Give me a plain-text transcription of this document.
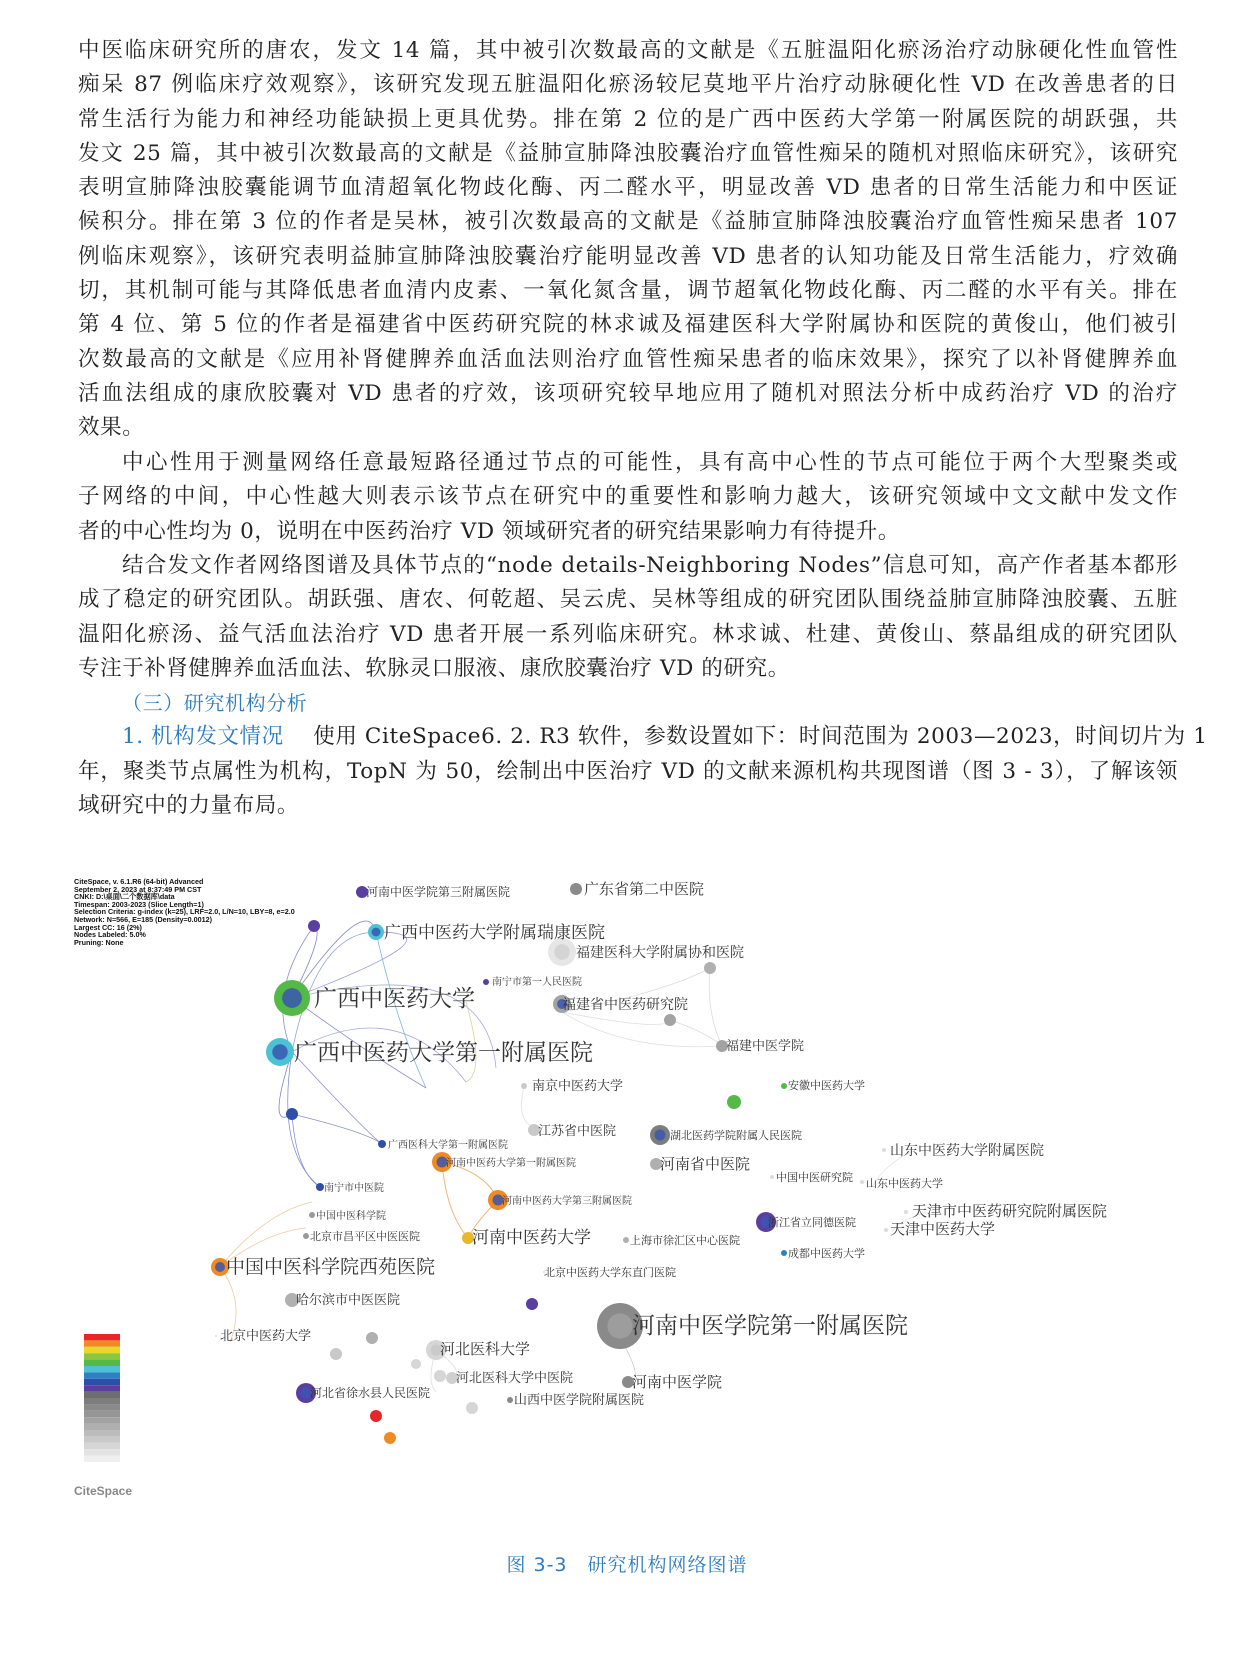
中医临床研究所的唐农，发文 14 篇，其中被引次数最高的文献是《五脏温阳化瘀汤治疗动脉硬化性血管性
痴呆 87 例临床疗效观察》，该研究发现五脏温阳化瘀汤较尼莫地平片治疗动脉硬化性 VD 在改善患者的日
常生活行为能力和神经功能缺损上更具优势。排在第 2 位的是广西中医药大学第一附属医院的胡跃强，共
发文 25 篇，其中被引次数最高的文献是《益肺宣肺降浊胶囊治疗血管性痴呆的随机对照临床研究》，该研究
表明宣肺降浊胶囊能调节血清超氧化物歧化酶、丙二醛水平，明显改善 VD 患者的日常生活能力和中医证
候积分。排在第 3 位的作者是吴林，被引次数最高的文献是《益肺宣肺降浊胶囊治疗血管性痴呆患者 107
例临床观察》，该研究表明益肺宣肺降浊胶囊治疗能明显改善 VD 患者的认知功能及日常生活能力，疗效确
切，其机制可能与其降低患者血清内皮素、一氧化氮含量，调节超氧化物歧化酶、丙二醛的水平有关。排在
第 4 位、第 5 位的作者是福建省中医药研究院的林求诚及福建医科大学附属协和医院的黄俊山，他们被引
次数最高的文献是《应用补肾健脾养血活血法则治疗血管性痴呆患者的临床效果》，探究了以补肾健脾养血
活血法组成的康欣胶囊对 VD 患者的疗效，该项研究较早地应用了随机对照法分析中成药治疗 VD 的治疗
效果。
中心性用于测量网络任意最短路径通过节点的可能性，具有高中心性的节点可能位于两个大型聚类或
子网络的中间，中心性越大则表示该节点在研究中的重要性和影响力越大，该研究领域中文文献中发文作
者的中心性均为 0，说明在中医药治疗 VD 领域研究者的研究结果影响力有待提升。
结合发文作者网络图谱及具体节点的“node details-Neighboring Nodes”信息可知，高产作者基本都形
成了稳定的研究团队。胡跃强、唐农、何乾超、吴云虎、吴林等组成的研究团队围绕益肺宣肺降浊胶囊、五脏
温阳化瘀汤、益气活血法治疗 VD 患者开展一系列临床研究。林求诚、杜建、黄俊山、蔡晶组成的研究团队
专注于补肾健脾养血活血法、软脉灵口服液、康欣胶囊治疗 VD 的研究。
（三）研究机构分析
1. 机构发文情况　 使用 CiteSpace6. 2. R3 软件，参数设置如下：时间范围为 2003—2023，时间切片为 1
年，聚类节点属性为机构，TopN 为 50，绘制出中医治疗 VD 的文献来源机构共现图谱（图 3 - 3），了解该领
域研究中的力量布局。
河南中医学院第三附属医院	广东省第二中医院
广西中医药大学附属瑞康医院
福建医科大学附属协和医院
广西中医药大学
南宁市第一人民医院
福建省中医药研究院
广西中医药大学第一附属医院	福建中医学院
南京中医药大学	安徽中医药大学
江苏省中医院	湖北医药学院附属人民医院
山东中医药大学附属医院
广西医科大学第一附属医院
河南中医药大学第一附属医院	河南省中医院
中国中医研究院 山东中医药大学
南宁市中医院
河南中医药大学第三附属医院
天津市中医药研究院附属医院
中国中医科学院	浙江省立同德医院 天津中医药大学
北京市昌平区中医医院	河南中医药大学	上海市徐汇区中心医院
成都中医药大学
中国中医科学院西苑医院	北京中医药大学东直门医院
哈尔滨市中医医院
河南中医学院第一附属医院
北京中医药大学
河北医科大学
河北医科大学中医院	河南中医学院
河北省徐水县人民医院	山西中医学院附属医院
CiteSpace, v. 6.1.R6 (64-bit) Advanced
September 2, 2023 at 8:37:49 PM CST
CNKI: D:\桌面\二个数据库\data
Timespan: 2003-2023 (Slice Length=1)
Selection Criteria: g-index (k=25), LRF=2.0, L/N=10, LBY=8, e=2.0
Network: N=566, E=185 (Density=0.0012)
Largest CC: 16 (2%)
Nodes Labeled: 5.0%
Pruning: None
CiteSpace
图 3-3　研究机构网络图谱
